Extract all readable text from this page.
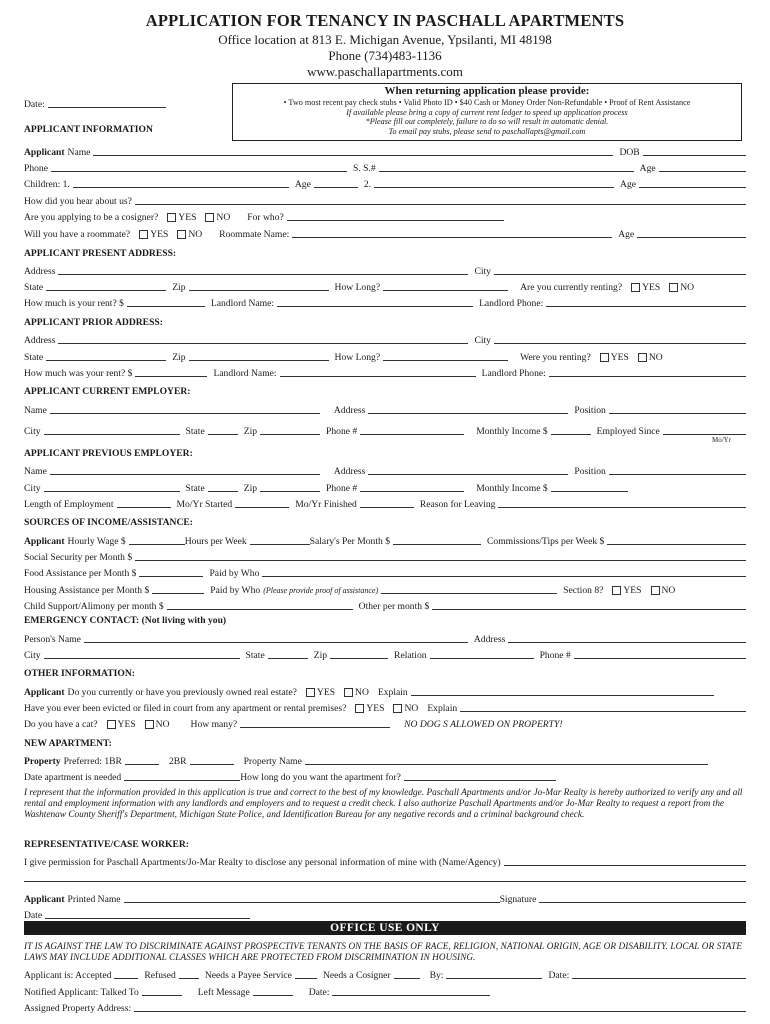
APPLICATION FOR TENANCY IN PASCHALL APARTMENTS
Office location at 813 E. Michigan Avenue, Ypsilanti, MI 48198
Phone (734)483-1136
www.paschallapartments.com
When returning application please provide:
• Two most recent pay check stubs • Valid Photo ID • $40 Cash or Money Order Non-Refundable • Proof of Rent Assistance
If available please bring a copy of current rent ledger to speed up application process
*Please fill out completely, failure to do so will result in automatic denial.
To email pay stubs, please send to paschallapts@gmail.com
Date:
APPLICANT INFORMATION
Applicant Name	DOB
Phone	S. S.#	Age
Children: 1.	Age	2.	Age
How did you hear about us?
Are you applying to be a cosigner?	YES	NO	For who?
Will you have a roommate?	YES	NO	Roommate Name:	Age
APPLICANT PRESENT ADDRESS:
Address	City
State	Zip	How Long?	Are you currently renting?	YES	NO
How much is your rent? $	Landlord Name:	Landlord Phone:
APPLICANT PRIOR ADDRESS:
Address	City
State	Zip	How Long?	Were you renting?	YES	NO
How much was your rent? $	Landlord Name:	Landlord Phone:
APPLICANT CURRENT EMPLOYER:
Name	Address	Position
City	State	Zip	Phone #	Monthly Income $	Employed Since
Mo/Yr
APPLICANT PREVIOUS EMPLOYER:
Name	Address	Position
City	State	Zip	Phone #	Monthly Income $
Length of Employment	Mo/Yr Started	Mo/Yr Finished	Reason for Leaving
SOURCES OF INCOME/ASSISTANCE:
Applicant Hourly Wage $	Hours per Week	Salary's Per Month $	Commissions/Tips per Week $
Social Security per Month $
Food Assistance per Month $	Paid by Who
Housing Assistance per Month $	Paid by Who (Please provide proof of assistance)	Section 8?	YES	NO
Child Support/Alimony per month $	Other per month $
EMERGENCY CONTACT: (Not living with you)
Person's Name	Address
City	State	Zip	Relation	Phone #
OTHER INFORMATION:
Applicant Do you currently or have you previously owned real estate?	YES	NO Explain
Have you ever been evicted or filed in court from any apartment or rental premises?	YES	NO Explain
Do you have a cat?	YES	NO	How many?	NO DOG S ALLOWED ON PROPERTY!
NEW APARTMENT:
Property Preferred: 1BR	2BR	Property Name
Date apartment is needed	How long do you want the apartment for?
I represent that the information provided in this application is true and correct to the best of my knowledge. Paschall Apartments and/or Jo-Mar Realty is hereby authorized to verify any and all rental and employment information with any landlords and employers and to request a credit check. I also authorize Paschall Apartments and/or Jo-Mar Realty to request a report from the Washtenaw County Sheriff's Department, Michigan State Police, and Identification Bureau for any negative records and a criminal background check.
REPRESENTATIVE/CASE WORKER:
I give permission for Paschall Apartments/Jo-Mar Realty to disclose any personal information of mine with (Name/Agency)
Applicant Printed Name	Signature
Date
OFFICE USE ONLY
IT IS AGAINST THE LAW TO DISCRIMINATE AGAINST PROSPECTIVE TENANTS ON THE BASIS OF RACE, RELIGION, NATIONAL ORIGIN, AGE OR DISABILITY. LOCAL OR STATE LAWS MAY INCLUDE ADDITIONAL CLASSES WHICH ARE PROTECTED FROM DISCRIMINATION IN HOUSING.
Applicant is: Accepted	Refused	Needs a Payee Service	Needs a Cosigner	By:	Date:
Notified Applicant: Talked To	Left Message	Date:
Assigned Property Address:
